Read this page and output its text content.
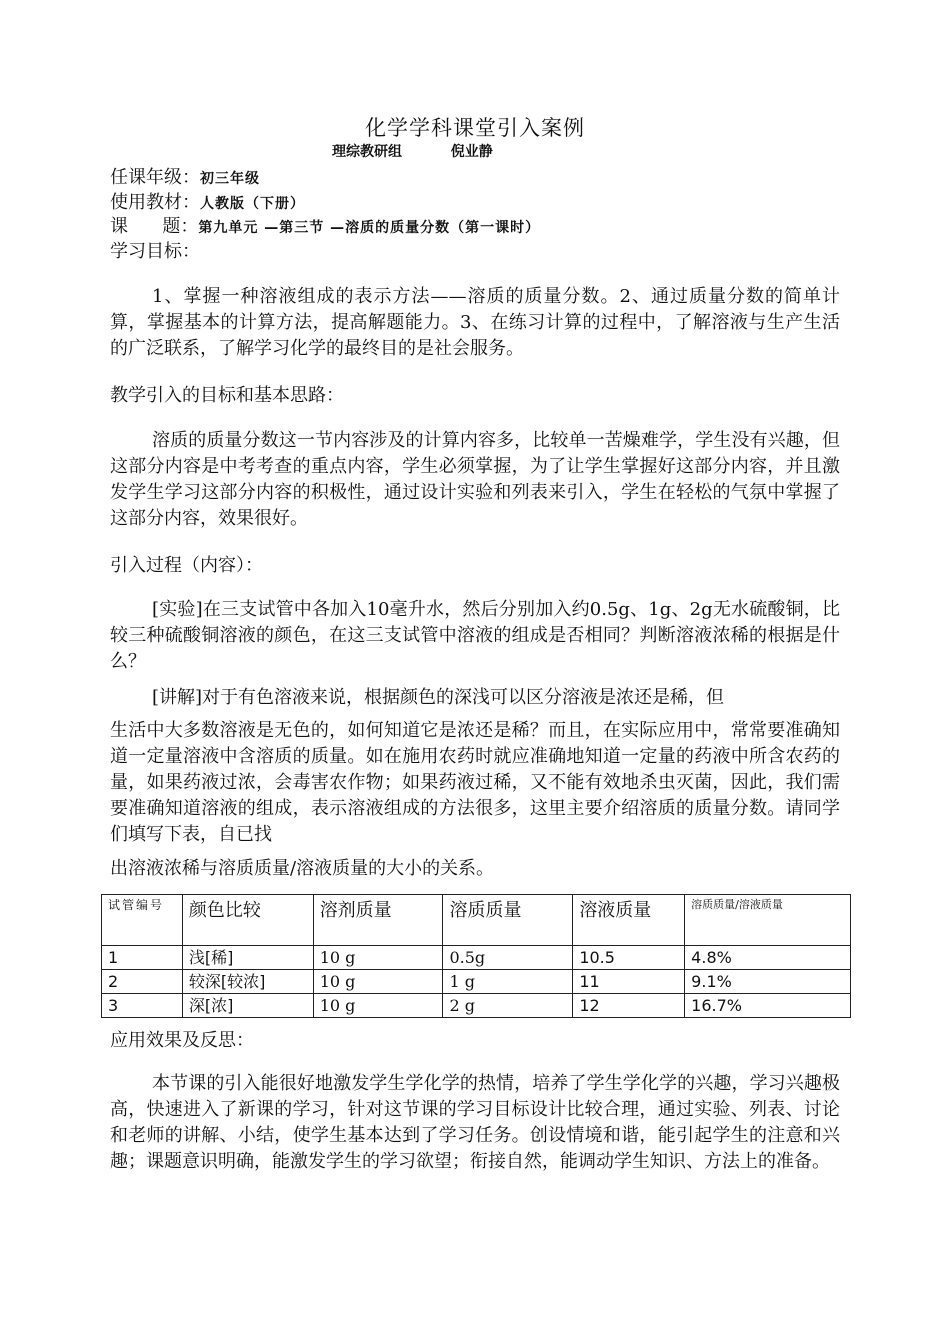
化学学科课堂引入案例
理综教研组          倪业静
任课年级：初三年级
使用教材：人教版（下册）
课      题：第九单元 —第三节 —溶质的质量分数（第一课时）
学习目标：
1、掌握一种溶液组成的表示方法——溶质的质量分数。2、通过质量分数的简单计算，掌握基本的计算方法，提高解题能力。3、在练习计算的过程中，了解溶液与生产生活的广泛联系，了解学习化学的最终目的是社会服务。
教学引入的目标和基本思路：
溶质的质量分数这一节内容涉及的计算内容多，比较单一苦燥难学，学生没有兴趣，但这部分内容是中考考查的重点内容，学生必须掌握，为了让学生掌握好这部分内容，并且激发学生学习这部分内容的积极性，通过设计实验和列表来引入，学生在轻松的气氛中掌握了这部分内容，效果很好。
引入过程（内容）：
[实验]在三支试管中各加入10毫升水，然后分别加入约0.5g、1g、2g无水硫酸铜，比较三种硫酸铜溶液的颜色，在这三支试管中溶液的组成是否相同？判断溶液浓稀的根据是什么？
[讲解]对于有色溶液来说，根据颜色的深浅可以区分溶液是浓还是稀，但
生活中大多数溶液是无色的，如何知道它是浓还是稀？而且，在实际应用中，常常要准确知道一定量溶液中含溶质的质量。如在施用农药时就应准确地知道一定量的药液中所含农药的量，如果药液过浓，会毒害农作物；如果药液过稀，又不能有效地杀虫灭菌，因此，我们需要准确知道溶液的组成，表示溶液组成的方法很多，这里主要介绍溶质的质量分数。请同学们填写下表，自已找
出溶液浓稀与溶质质量/溶液质量的大小的关系。
试管编号	颜色比较	溶剂质量	溶质质量	溶液质量	溶质质量/溶液质量
1	浅[稀]	10 g	0.5g	10.5	4.8%
2	较深[较浓]	10 g	1 g	11	9.1%
3	深[浓]	10 g	2 g	12	16.7%
应用效果及反思：
本节课的引入能很好地激发学生学化学的热情，培养了学生学化学的兴趣，学习兴趣极高，快速进入了新课的学习，针对这节课的学习目标设计比较合理，通过实验、列表、讨论和老师的讲解、小结，使学生基本达到了学习任务。创设情境和谐，能引起学生的注意和兴趣；课题意识明确，能激发学生的学习欲望；衔接自然，能调动学生知识、方法上的准备。
